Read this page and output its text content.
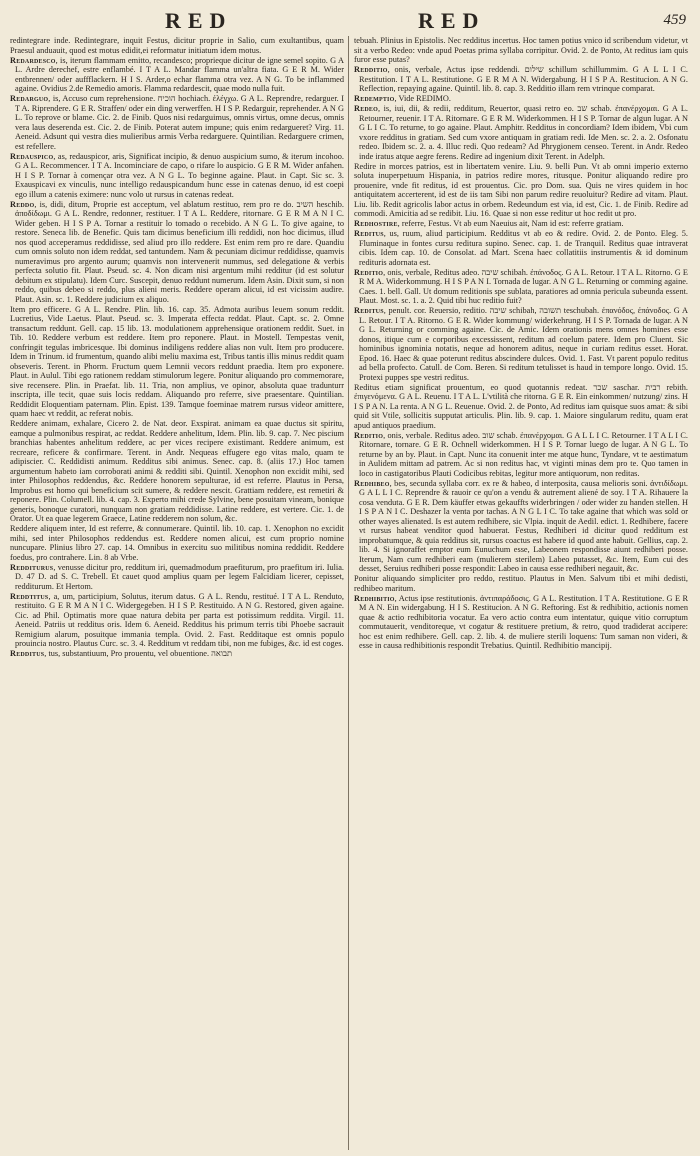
RED	RED	459

redintegrare inde. Redintegrare, inquit Festus, dicitur proprie in Salio, cum exultantibus, quam Praesul anduauit, quod est motus edidit,ei reformatur initiatum idem motus.

Redardesco, is, iterum flammam emitto, recandesco; proprieque dicitur de igne semel sopito. G A L. Ardre derechef, estre enflambé. I T A L. Mandar flamma un'altra fiata. G E R M. Wider entbrennen/ oder auffflackern. H I S. Arder,o echar flamma otra vez. A N G. To be inflammed againe. Ovidius 2.de Remedio amoris. Flamma redardescit, quae modo nulla fuit.

Redarguo, is, Accuso cum reprehensione. הוכיח hochiach. ἐλέγχω. G A L. Reprendre, redarguer. I T A. Riprendere. G E R. Straffen/ oder ein ding verwerffen. H I S P. Redarguir, reprehender. A N G L. To reprove or blame. Cic. 2. de Finib. Quos nisi redarguimus, omnis virtus, omne decus, omnis vera laus deserenda est. Cic. 2. de Finib. Poterat autem impune; quis enim redargueret? Virg. 11. Aeneid. Adsunt qui vestra dies mulieribus armis Verba redarguere. Quintilian. Redarguere crimen, est refellere.

Redauspico, as, redauspicor, aris, Significat incipio, & denuo auspicium sumo, & iterum incohoo. G A L. Recommencer. I T A. Incominciare de capo, o rifare lo auspicio. G E R M. Wider anfahen. H I S P. Tornar à començar otra vez. A N G L. To beginne againe. Plaut. in Capt. Sic sc. 3. Exauspicavi ex vinculis, nunc intelligo redauspicandum hunc esse in catenas denuo, id est coepi ego illum a catenis eximere: nunc volo ut rursus in catenas redeat.

Reddo, is, didi, ditum, Proprie est acceptum, vel ablatum restituo, rem pro re do. השיב heschib. ἀποδίδωμι. G A L. Rendre, redonner, restituer. I T A L. Reddere, ritornare. G E R M A N I C. Wider geben. H I S P A. Tornar a restituir lo tomado o recebido. A N G L. To give againe, to restore. Seneca lib. de Benefic. Quis tam dicimus beneficium illi reddidi, non hoc dicimus, illud nos quod acceperamus reddidisse, sed aliud pro illo reddere. Est enim rem pro re dare. Quandiu cum omnis soluto non idem reddat, sed tantundem. Nam & pecuniam dicimur reddidisse, quamvis numeravimus pro argento aurum; quamvis non intervenerit nummus, sed delegatione & verbis perfecta solutio fit. Plaut. Pseud. sc. 4. Non dicam nisi argentum mihi redditur (id est solutur debitum ex stipulatu). Idem Curc. Suscepit, denuo reddunt numerum. Idem Asin. Dixit sum, si non reddo, quibus debeo si reddo, plus alieni meris. Reddere operam alicui, id est vicissim audire. Plaut. Asin. sc. 1. Reddere judicium ex aliquo.

Item pro efficere. G A L. Rendre. Plin. lib. 16. cap. 35. Admota auribus leuem sonum reddit. Lucretius, Vide Laetus. Plaut. Pseud. sc. 3. Imperata effecta reddat. Plaut. Capt. sc. 2. Omne transactum reddunt. Gell. cap. 15 lib. 13. modulationem apprehensique orationem reddit. Suet. in Tib. 10. Reddere verbum est reddere. Item pro reponere. Plaut. in Mostell. Tempestas venit, confringit tegulas imbricesque. Ibi dominus indiligens reddere alias non vult. Item pro producere. Idem in Trinum. id frumentum, quando alibi meliu maxima est, Tribus tantis illis minus reddit quam obseveris. Terent. in Phorm. Fructum quem Lemnii vecors reddunt praedia. Item pro exponere. Plaut. in Aulul. Tibi ego rationem reddam stimulorum legere. Ponitur aliquando pro commemorare, sive recensere. Plin. in Praefat. lib. 11. Tria, non amplius, ve opinor, absoluta quae tradunturr inscripta, ille tecit, quae suis locis reddam. Aliquando pro referre, sive praesentare. Quintilian. Reddidit Eloquentiam paternam. Plin. Epist. 139. Tamque foeminae matrem rursus videor amittere, quam haec vt reddit, ac referat nobis.

Reddere animam, exhalare, Cicero 2. de Nat. deor. Exspirat. animam ea quae ductus sit spiritu, eamque a pulmonibus respirat, ac reddat. Reddere anhelitum, Idem. Plin. lib. 9. cap. 7. Nec piscium branchias habentes anhelitum reddere, ac per vices recipere existimant. Reddere animum, est recreare, reficere & confirmare. Terent. in Andr. Nequeas effugere ego vitas malo, quam te adipiscier. C. Reddidisti animum. Redditus sibi animus. Senec. cap. 8. (aliis 17.) Hoc tamen argumentum habeto iam corroborati animi & redditi sibi. Quintil. Xenophon non excidit mihi, sed inter Philosophos reddendus, &c. Reddere honorem sepulturae, id est referre. Plautus in Persa, Improbus est homo qui beneficium scit sumere, & reddere nescit. Grattiam reddere, est remetiri & reponere. Plin. Columell. lib. 4. cap. 3. Experto mihi crede Sylvine, bene posuitam vineam, bonique generis, bonoque curatori, nunquam non gratiam reddidisse. Latine reddere, est vertere. Cic. 1. de Orator. Ut ea quae legerem Graece, Latine redderem non solum, &c.

Reddere aliquem inter, Id est referre, & connumerare. Quintil. lib. 10. cap. 1. Xenophon no excidit mihi, sed inter Philosophos reddendus est. Reddere nomen alicui, est cum proprio nomine nuncupare. Plinius libro 27. cap. 14. Omnibus in exercitu suo militibus nomina reddidit. Reddere foedus, pro contrahere. Lin. 8 ab Vrbe.

Redditurus, venusse dicitur pro, redditum iri, quemadmodum praefiturum, pro praefitum iri. Iulia. D. 47 D. ad S. C. Trebell. Et cauet quod amplius quam per legem Falcidiam licerer, cepisset, redditurum. Et Hertom.

Reddtitus, a, um, participium, Solutus, iterum datus. G A L. Rendu, restitué. I T A L. Renduto, restituito. G E R M A N I C. Widergegeben. H I S P. Restituido. A N G. Restored, given againe. Cic. ad Phil. Optimatis more quae natura debita per parta est potissimum reddita. Virgil. 11. Aeneid. Patriis ut redditus oris. Idem 6. Aeneid. Redditus his primum terris tibi Phoebe sacrauit Remigium alarum, posuitque immania templa. Ovid. 2. Fast. Redditaque est omnis populo prouincia nostro. Plautus Curc. sc. 3. 4. Redditum vt reddam tibi, non me fubiges, &c. id est coges.

Redditus, tus, substantiuum, Pro prouentu, vel obuentione. תבואה

tebuah. Plinius in Epistolis. Nec redditus incertus. Hoc tamen potius vnico id scribendum videtur, vt sit a verbo Redeo: vnde apud Poetas prima syllaba corripitur. Ovid. 2. de Ponto, At reditus iam quis furor esse putas?

Redditio, onis, verbale, Actus ipse reddendi. שילום schillum schillummim. G A L L I C. Restitution. I T A L. Restitutione. G E R M A N. Widergabung. H I S P A. Restitucion. A N G. Reflection, repaying againe. Quintil. lib. 8. cap. 3. Redditio illam rem vtrinque comparat.

Redemptio, Vide REDIMO.

Redeo, is, iui, dii, & redii, redditum, Reuertor, quasi retro eo. שב schab. ἐπανέρχομαι. G A L. Retourner, reuenir. I T A. Ritornare. G E R M. Widerkommen. H I S P. Tornar de algun lugar. A N G L I C. To returne, to go againe. Plaut. Amphitr. Redditus in concordiam? Idem ibidem, Vbi cum vxore redditus in gratiam. Sed cum vxore antiquam in gratiam redi. Ide Men. sc. 2. a. 2. Osfonatu redeo. Ibidem sc. 2. a. 4. Illuc redi. Quo redeam? Ad Phrygionem censeo. Terent. in Andr. Redeo inde iratus atque aegre ferens. Redire ad ingenium dixit Terent. in Adelph.

Redire in morces patrios, est in libertatem venire. Liu. 9. belli Pun. Vt ab omni imperio externo soluta inuperpetuum Hispania, in patrios redire mores, ritusque. Ponitur aliquando redire pro prouenire, vnde fit reditus, id est prouentus. Cic. pro Dom. sua. Quis ne vires quidem in hoc antiquitatem accerterent, id est de iis tam Sibi non parum redire reuoluitur? Redire ad vitam. Plaut. Liu. lib. Redit agricolis labor actus in orbem. Redeundum est via, id est, Cic. 1. de Finib. Redire ad commodi. Amicitia ad se redibit. Liu. 16. Quae si non esse reditur ut hoc redit ut pro.

Redhostire, referre, Festus. Vt ab eum Naeuius ait, Nam id est: referre gratiam.

Reditus, us, ruum, aliud participium. Redditus vt ab eo & redire. Ovid. 2. de Ponto. Eleg. 5. Fluminaque in fontes cursu reditura supino. Senec. cap. 1. de Tranquil. Reditus quae intraverat cibis. Idem cap. 10. de Consolat. ad Mart. Scena haec collatitiis instrumentis & id dominum redituris adornata est.

Reditio, onis, verbale, Reditus adeo. שיבה schibah. ἐπάνοδος. G A L. Retour. I T A L. Ritorno. G E R M A. Widerkommung. H I S P A N I. Tornada de lugar. A N G L. Returning or comming againe. Caes. 1. bell. Gall. Ut domum reditionis spe sublata, paratiores ad omnia pericula subeunda essent. Plaut. Most. sc. 1. a. 2. Quid tibi huc reditio fuit?

Reditus, penult. cor. Reuersio, reditio. שיבה schibah, תשובה teschubah. ἐπανόδος, ἐπάνοδος. G A L. Retour. I T A. Ritorno. G E R. Wider kommung/ widerkehrung. H I S P. Tornada de lugar. A N G L. Returning or comming againe. Cic. de Amic. Idem orationis mens omnes homines esse donos, itique cum e corporibus excessissent, reditum ad coelum patere. Idem pro Cluent. Sic hominibus ignominia notatis, neque ad honorem aditus, neque in curiam reditus esset. Horat. Epod. 16. Haec & quae poterunt reditus abscindere dulces. Ovid. 1. Fast. Vt parent populo reditus ad bella profecto. Catull. de Com. Beren. Si reditum tetulisset is haud in tempore longo. Ovid. 15. Protexi puppes spe vestri reditus.

Reditus etiam significat prouentum, eo quod quotannis redeat. שכר saschar. רבית rebith. ἐπιγενόμενα. G A L. Reuenu. I T A L. L'vtilità che ritorna. G E R. Ein einkommen/ nutzung/ zins. H I S P A N. La renta. A N G L. Reuenue. Ovid. 2. de Ponto, Ad reditus iam quisque suos amat: & sibi quid sit Vtile, sollicitis supputat articulis. Plin. lib. 9. cap. 1. Maiore singularum reditu, quam erat apud antiquos praedium.

Reditio, onis, verbale. Reditus adeo. שוב schab. ἐπανέρχομαι. G A L L I C. Retourner. I T A L I C. Ritornare, tornare. G E R. Ochnell widerkommen. H I S P. Tornar luego de lugar. A N G L. To returne by an by. Plaut. in Capt. Nunc ita conuenit inter me atque hunc, Tyndare, vt te aestimatum in Aulidem mittam ad patrem. Ac si non reditus hac, vt viginti minas dem pro te. Quo tamen in loco in castigatoribus Plauti Codicibus rebitas, legitur more antiquorum, non reditas.

Redhibeo, bes, secunda syllaba corr. ex re & habeo, d interposita, causa melioris soni. ἀντιδίδωμι. G A L L I C. Reprendre & rauoir ce qu'on a vendu & autrement aliené de soy. I T A. Rihauere la cosa venduta. G E R. Dem käuffer etwas gekauffts widerbringen / oder wider zu handen stellen. H I S P A N I C. Deshazer la venta por tachas. A N G L I C. To take againe that which was sold or other wayes alienated. Is est autem redhibere, sic Vlpia. inquit de Aedil. edict. 1. Redhibere, facere vt rursus habeat venditor quod habuerat. Festus, Redhiberi id dicitur quod redditum est improbatumque, & quia redditus sit, rursus coactus est habere id quod ante habuit. Gellius, cap. 2. lib. 4. Si ignoraffet emptor eum Eunuchum esse, Labeonem respondisse aiunt redhiberi posse. Iterum, Nam cum redhiberi eam (mulierem sterilem) Labeo putasset, &c. Item, Eum cui des desset, Seruius redhiberi posse respondit: Labeo in causa esse redhiberi negauit, &c.

Ponitur aliquando simpliciter pro reddo, restituo. Plautus in Men. Salvum tibi et mihi dedisti, redhibeo maritum.

Redhibitio, Actus ipse restitutionis. ἀντιπαράδοσις. G A L. Restitution. I T A. Restitutione. G E R M A N. Ein widergabung. H I S. Restitucion. A N G. Reftoring. Est & redhibitio, actionis nomen quae & actio redhibitoria vocatur. Ea vero actio contra eum intentatur, quique vitio corruptum commutauerit, venditoreque, vt cogatur & restituere pretium, & retro, quod tradiderat accipere: hoc est enim redhibere. Gell. cap. 2. lib. 4. de muliere sterili loquens: Tum saman non videri, & esse in causa redhibitionis respondit Trebatius. Quintil. Redhibitio mancipij.
